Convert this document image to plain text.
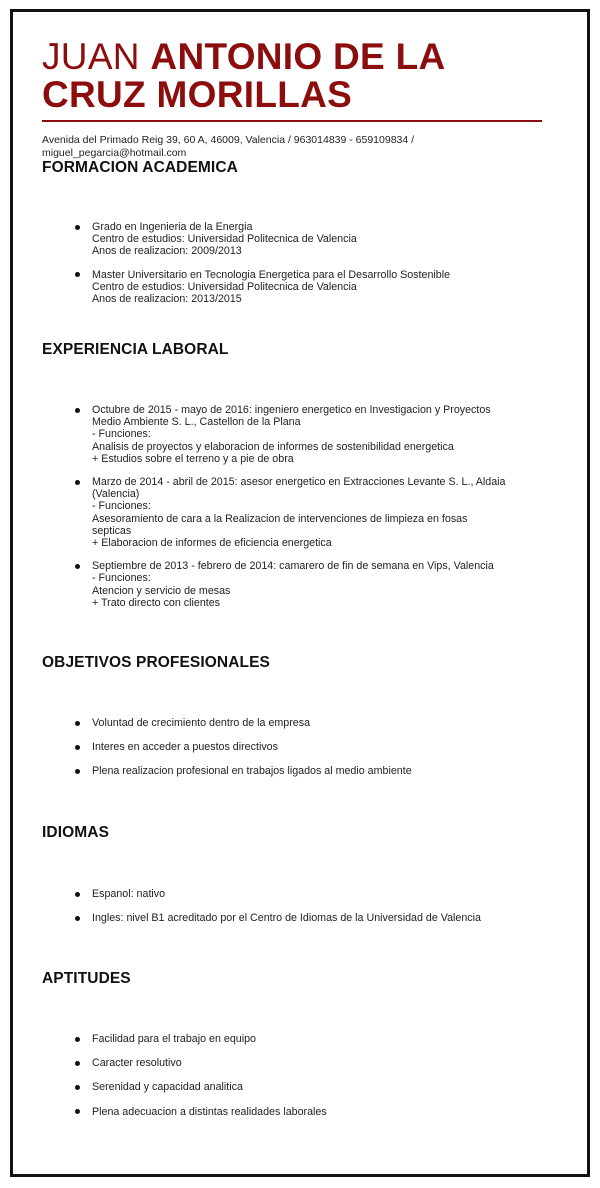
JUAN ANTONIO DE LA CRUZ MORILLAS
Avenida del Primado Reig 39, 60 A, 46009, Valencia / 963014839 - 659109834 / miguel_pegarcia@hotmail.com
FORMACION ACADEMICA
Grado en Ingenieria de la Energia
Centro de estudios: Universidad Politecnica de Valencia
Anos de realizacion: 2009/2013
Master Universitario en Tecnologia Energetica para el Desarrollo Sostenible
Centro de estudios: Universidad Politecnica de Valencia
Anos de realizacion: 2013/2015
EXPERIENCIA LABORAL
Octubre de 2015 - mayo de 2016: ingeniero energetico en Investigacion y Proyectos
Medio Ambiente S. L., Castellon de la Plana
- Funciones:
Analisis de proyectos y elaboracion de informes de sostenibilidad energetica
+ Estudios sobre el terreno y a pie de obra
Marzo de 2014 - abril de 2015: asesor energetico en Extracciones Levante S. L., Aldaia
(Valencia)
- Funciones:
Asesoramiento de cara a la Realizacion de intervenciones de limpieza en fosas
septicas
+ Elaboracion de informes de eficiencia energetica
Septiembre de 2013 - febrero de 2014: camarero de fin de semana en Vips, Valencia
- Funciones:
Atencion y servicio de mesas
+ Trato directo con clientes
OBJETIVOS PROFESIONALES
Voluntad de crecimiento dentro de la empresa
Interes en acceder a puestos directivos
Plena realizacion profesional en trabajos ligados al medio ambiente
IDIOMAS
Espanol: nativo
Ingles: nivel B1 acreditado por el Centro de Idiomas de la Universidad de Valencia
APTITUDES
Facilidad para el trabajo en equipo
Caracter resolutivo
Serenidad y capacidad analitica
Plena adecuacion a distintas realidades laborales
